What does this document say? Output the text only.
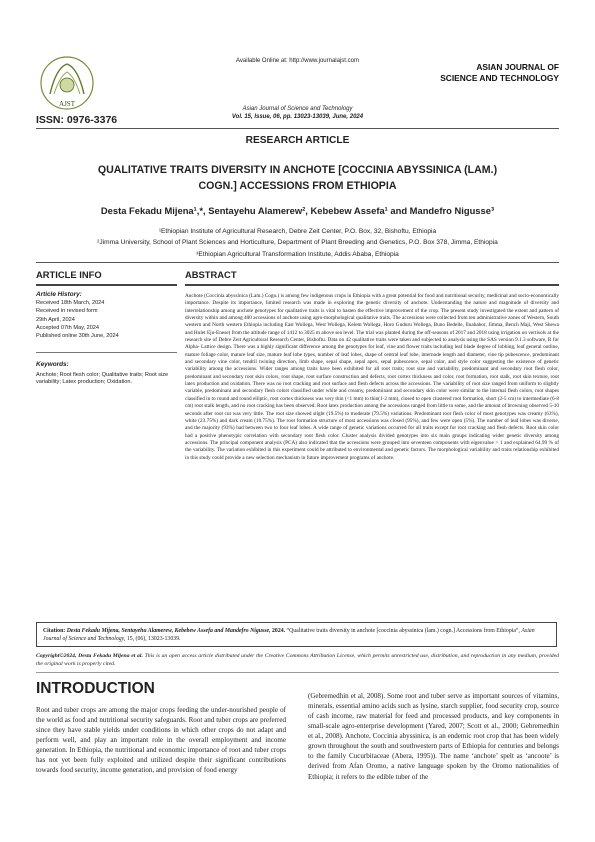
Available Online at: http://www.journalajst.com
AJST
ISSN: 0976-3376
ASIAN JOURNAL OF
SCIENCE AND TECHNOLOGY
Asian Journal of Science and Technology
Vol. 15, Issue, 06, pp. 13023-13039, June, 2024
RESEARCH ARTICLE
QUALITATIVE TRAITS DIVERSITY IN ANCHOTE [COCCINIA ABYSSINICA (LAM.)
COGN.] ACCESSIONS FROM ETHIOPIA
Desta Fekadu Mijena¹,*, Sentayehu Alamerew², Kebebew Assefa¹ and Mandefro Nigusse³
¹Ethiopian Institute of Agricultural Research, Debre Zeit Center, P.O. Box, 32, Bishoftu, Ethiopia
²Jimma University, School of Plant Sciences and Horticulture, Department of Plant Breeding and Genetics, P.O. Box 378, Jimma, Ethiopia
³Ethiopian Agricultural Transformation Institute, Addis Ababa, Ethiopia
ARTICLE INFO	ABSTRACT
Article History:
Received 18th March, 2024
Received in revised form
29th April, 2024
Accepted 07th May, 2024
Published online 30th June, 2024
Keywords:
Anchote; Root flesh color; Qualitative traits; Root size variability; Latex production; Oxidation.
Anchote (Coccinia abyssinica (Lam.) Cogn.) is among few indigenous crops in Ethiopia with a great potential for food and nutritional security, medicinal and socio-economically importance. Despite its importance, limited research was made in exploring the genetic diversity of anchote. Understanding the nature and magnitude of diversity and interrelationship among anchote genotypes for qualitative traits is vital to hasten the effective improvement of the crop. The present study investigated the extent and pattern of diversity within and among 400 accessions of anchote using agro-morphological qualitative traits. The accessions were collected from ten administrative zones of Western, South western and North western Ethiopia including East Wollega, West Wollega, Kelem Wollega, Horo Guduru Wollega, Buno Bedelle, Iluababor, Jimma, Bench Maji, West Shewa and Hulet Eju-Enese) from the altitude range of 1412 to 3025 m above sea level. The trial was planted during the off-seasons of 2017 and 2018 using irrigation on vertisols at the research site of Debre Zeit Agricultural Research Center, Bishoftu. Data on 42 qualitative traits were taken and subjected to analysis using the SAS version 9.1.3 software, R for Alpha- Lattice design. There was a highly significant difference among the genotypes for leaf, vine and flower traits including leaf blade degree of lobbing, leaf general outline, mature foliage color, mature leaf size, mature leaf lobe types, number of leaf lobes, shape of central leaf lobe, internode length and diameter, vine tip pubescence, predominant and secondary vine color, tendril twining direction, limb shape, sepal shape, sepal apex, sepal pubescence, sepal color, and style color suggesting the existence of genetic variability among the accessions. Wider ranges among traits have been exhibited for all root traits; root size and variability, predominant and secondary root flesh color, predominant and secondary root skin colors, root shape, root surface construction and defects, root cortex thickness and color, root formation, root stalk, root skin texture, root latex production and oxidation. There was no root cracking and root surface and flesh defects across the accessions. The variability of root size ranged from uniform to slightly variable, predominant and secondary flesh colors classified under white and creamy, predominant and secondary skin color were similar to the internal flesh colors, root shapes classified in to round and round elliptic, root cortex thickness was very thin (<1 mm) to thin(1-2 mm), closed to open clustered root formation, short (2-5 cm) to intermediate (6-8 cm) root stalk length, and no root cracking has been observed. Root latex production among the accessions ranged from little to some, and the amount of browning observed 5-10 seconds after root cut was very little. The root size showed slight (19.5%) to moderate (79.5%) variations. Predominant root flesh color of most genotypes was creamy (63%), white (23.75%) and dark cream (10.75%). The root formation structure of most accessions was closed (95%), and few were open (5%). The number of leaf lobes was diverse, and the majority (93%) had between two to four leaf lobes. A wide range of genetic variations occurred for all traits except for root cracking and flesh defects. Root skin color had a positive phenotypic correlation with secondary root flesh color. Cluster analysis divided genotypes into six main groups indicating wider genetic diversity among accessions. The principal component analysis (PCA) also indicated that the accessions were grouped into seventeen components with eigenvalue > 1 and explained 64.99 % of the variability. The variation exhibited in this experiment could be attributed to environmental and genetic factors. The morphological variability and traits relationship exhibited in this study could provide a new selection mechanism in future improvement programs of anchote.
Citation: Desta Fekadu Mijena, Sentayehu Alamerew, Kebebew Assefa and Mandefro Nigusse, 2024. “Qualitative traits diversity in anchote [coccinia abyssinica (lam.) cogn.] Accessions from Ethiopia”, Asian Journal of Science and Technology, 15, (06), 13023-13039.
Copyright©2024, Desta Fekadu Mijena et al. This is an open access article distributed under the Creative Commons Attribution License, which permits unrestricted use, distribution, and reproduction in any medium, provided the original work is properly cited.
INTRODUCTION
Root and tuber crops are among the major crops feeding the under-nourished people of the world as food and nutritional security safeguards. Root and tuber crops are preferred since they have stable yields under conditions in which other crops do not adapt and perform well, and play an important role in the overall employment and income generation. In Ethiopia, the nutritional and economic importance of root and tuber crops has not yet been fully exploited and utilized despite their significant contributions towards food security, income generation, and provision of food energy
(Gebremedhin et al, 2008). Some root and tuber serve as important sources of vitamins, minerals, essential amino acids such as lysine, starch supplier, food security crop, source of cash income, raw material for feed and processed products, and key components in small-scale agro-enterprise development (Yared, 2007; Scott et al., 2000; Gebremedhin et al., 2008). Anchote, Coccinia abyssinica, is an endemic root crop that has been widely grown throughout the south and southwestern parts of Ethiopia for centuries and belongs to the family Cucurbitaceae (Abera, 1995)). The name ‘anchote’ spelt as ‘ancoote’ is derived from Afan Oromo, a native language spoken by the Oromo nationalities of Ethiopia; it refers to the edible tuber of the
